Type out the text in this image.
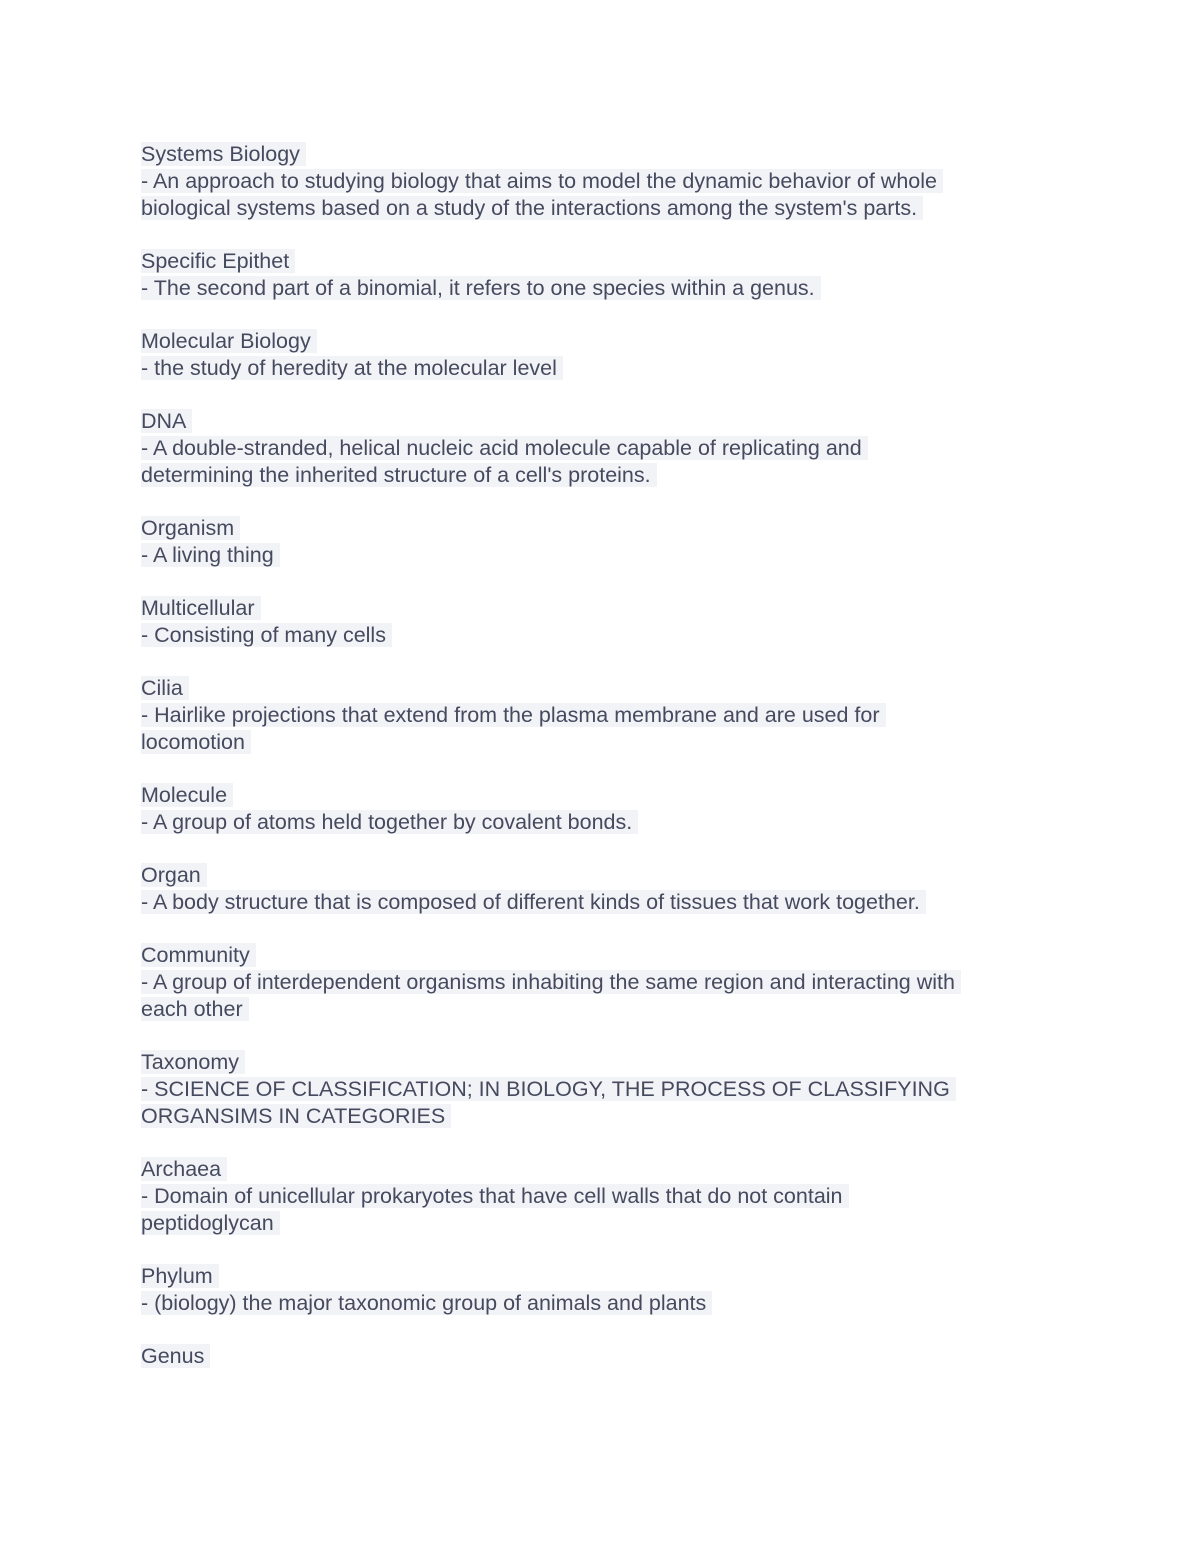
Systems Biology
- An approach to studying biology that aims to model the dynamic behavior of whole
biological systems based on a study of the interactions among the system's parts.
Specific Epithet
- The second part of a binomial, it refers to one species within a genus.
Molecular Biology
- the study of heredity at the molecular level
DNA
- A double-stranded, helical nucleic acid molecule capable of replicating and
determining the inherited structure of a cell's proteins.
Organism
- A living thing
Multicellular
- Consisting of many cells
Cilia
- Hairlike projections that extend from the plasma membrane and are used for
locomotion
Molecule
- A group of atoms held together by covalent bonds.
Organ
- A body structure that is composed of different kinds of tissues that work together.
Community
- A group of interdependent organisms inhabiting the same region and interacting with
each other
Taxonomy
- SCIENCE OF CLASSIFICATION; IN BIOLOGY, THE PROCESS OF CLASSIFYING
ORGANSIMS IN CATEGORIES
Archaea
- Domain of unicellular prokaryotes that have cell walls that do not contain
peptidoglycan
Phylum
- (biology) the major taxonomic group of animals and plants
Genus
